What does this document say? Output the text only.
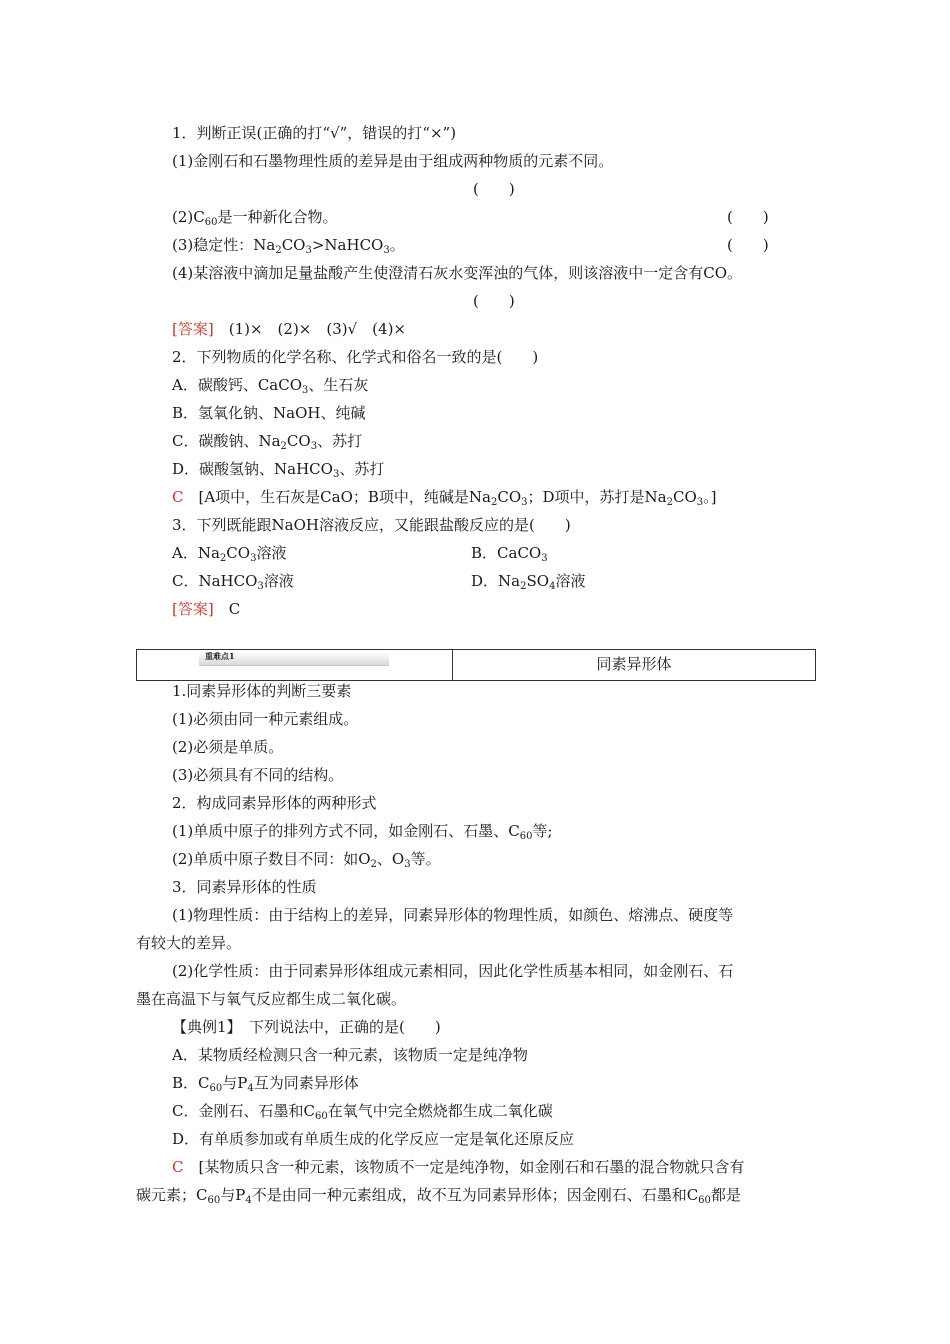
1．判断正误(正确的打“√”，错误的打“×”)
(1)金刚石和石墨物理性质的差异是由于组成两种物质的元素不同。
(　　)
$(2)C_{60}$是一种新化合物。	(　　)
(3)稳定性：$Na_2CO_3>NaHCO_3$。	(　　)
(4)某溶液中滴加足量盐酸产生使澄清石灰水变浑浊的气体，则该溶液中一定含有CO。
(　　)
[答案]　 (1)×　(2)×　(3)√　(4)×
2．下列物质的化学名称、化学式和俗名一致的是(　　)
A．碳酸钙、CaCO$_3$、生石灰
B．氢氧化钠、NaOH、纯碱
C．碳酸钠、$Na_2CO_3$、苏打
D．碳酸氢钠、NaHCO$_3$、苏打
C　 [A项中，生石灰是CaO；B项中，纯碱是$Na_2CO_3$；D项中，苏打是$Na_2CO_3$。]
3．下列既能跟NaOH溶液反应，又能跟盐酸反应的是(　　)
A．$Na_2CO_3$溶液	B．CaCO$_3$
C．NaHCO$_3$溶液	D．$Na_2SO_4$溶液
[答案]　 C
重难点1	同素异形体
1.同素异形体的判断三要素
(1)必须由同一种元素组成。
(2)必须是单质。
(3)必须具有不同的结构。
2．构成同素异形体的两种形式
(1)单质中原子的排列方式不同，如金刚石、石墨、$C_{60}$等;
(2)单质中原子数目不同：如$O_2$、$O_3$等。
3．同素异形体的性质
(1)物理性质：由于结构上的差异，同素异形体的物理性质，如颜色、熔沸点、硬度等
有较大的差异。
(2)化学性质：由于同素异形体组成元素相同，因此化学性质基本相同，如金刚石、石
墨在高温下与氧气反应都生成二氧化碳。
【典例1】　下列说法中，正确的是(　　)
A．某物质经检测只含一种元素，该物质一定是纯净物
B．$C_{60}$与$P_4$互为同素异形体
C．金刚石、石墨和$C_{60}$在氧气中完全燃烧都生成二氧化碳
D．有单质参加或有单质生成的化学反应一定是氧化还原反应
C　 [某物质只含一种元素，该物质不一定是纯净物，如金刚石和石墨的混合物就只含有
碳元素；$C_{60}$与$P_4$不是由同一种元素组成，故不互为同素异形体；因金刚石、石墨和$C_{60}$都是
